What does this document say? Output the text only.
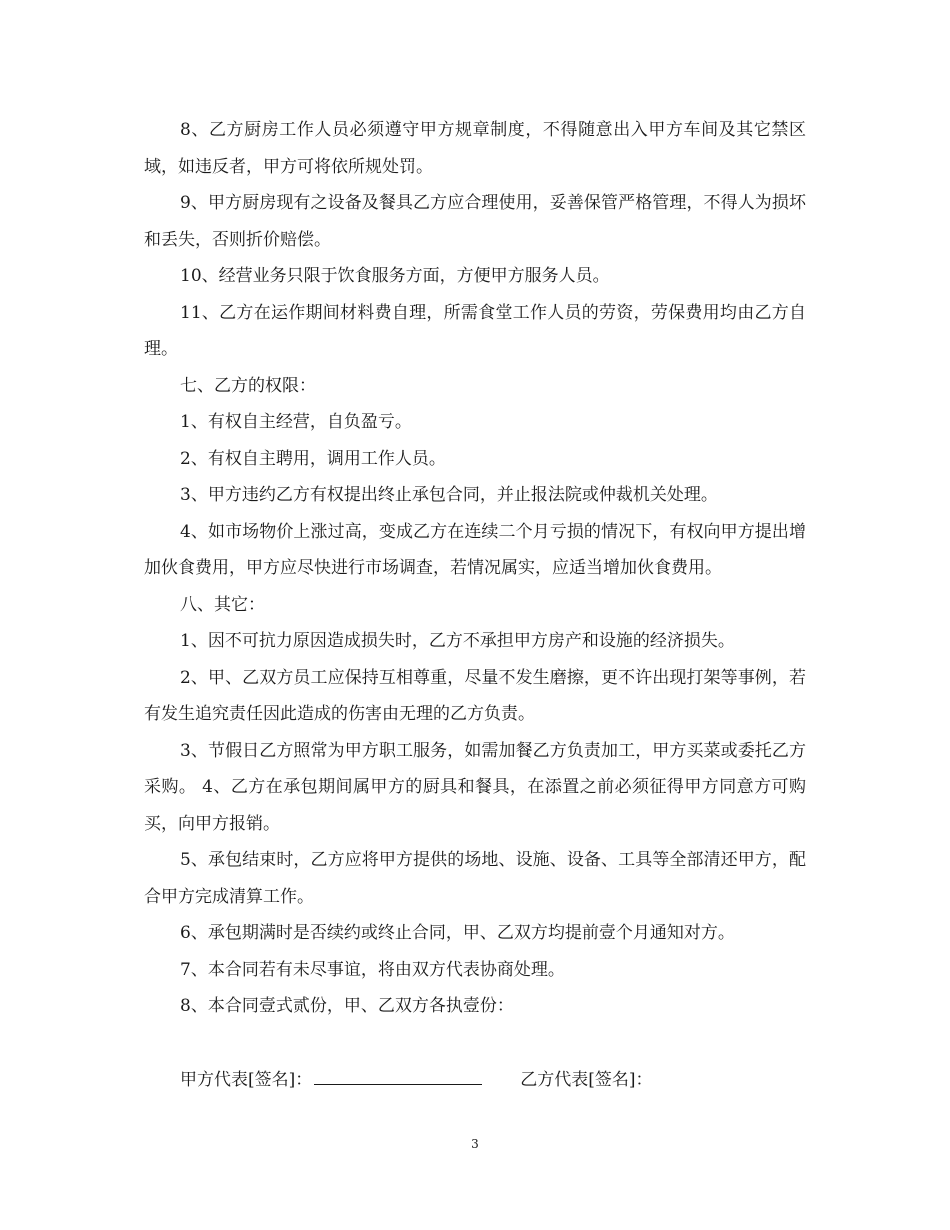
8、乙方厨房工作人员必须遵守甲方规章制度，不得随意出入甲方车间及其它禁区域，如违反者，甲方可将依所规处罚。

9、甲方厨房现有之设备及餐具乙方应合理使用，妥善保管严格管理，不得人为损坏和丢失，否则折价赔偿。

10、经营业务只限于饮食服务方面，方便甲方服务人员。

11、乙方在运作期间材料费自理，所需食堂工作人员的劳资，劳保费用均由乙方自理。

七、乙方的权限：

1、有权自主经营，自负盈亏。

2、有权自主聘用，调用工作人员。

3、甲方违约乙方有权提出终止承包合同，并止报法院或仲裁机关处理。

4、如市场物价上涨过高，变成乙方在连续二个月亏损的情况下，有权向甲方提出增加伙食费用，甲方应尽快进行市场调查，若情况属实，应适当增加伙食费用。

八、其它：

1、因不可抗力原因造成损失时，乙方不承担甲方房产和设施的经济损失。

2、甲、乙双方员工应保持互相尊重，尽量不发生磨擦，更不许出现打架等事例，若有发生追究责任因此造成的伤害由无理的乙方负责。

3、节假日乙方照常为甲方职工服务，如需加餐乙方负责加工，甲方买菜或委托乙方采购。 4、乙方在承包期间属甲方的厨具和餐具，在添置之前必须征得甲方同意方可购买，向甲方报销。

5、承包结束时，乙方应将甲方提供的场地、设施、设备、工具等全部清还甲方，配合甲方完成清算工作。

6、承包期满时是否续约或终止合同，甲、乙双方均提前壹个月通知对方。

7、本合同若有未尽事谊，将由双方代表协商处理。

8、本合同壹式贰份，甲、乙双方各执壹份：

甲方代表[签名]：	乙方代表[签名]：
3
